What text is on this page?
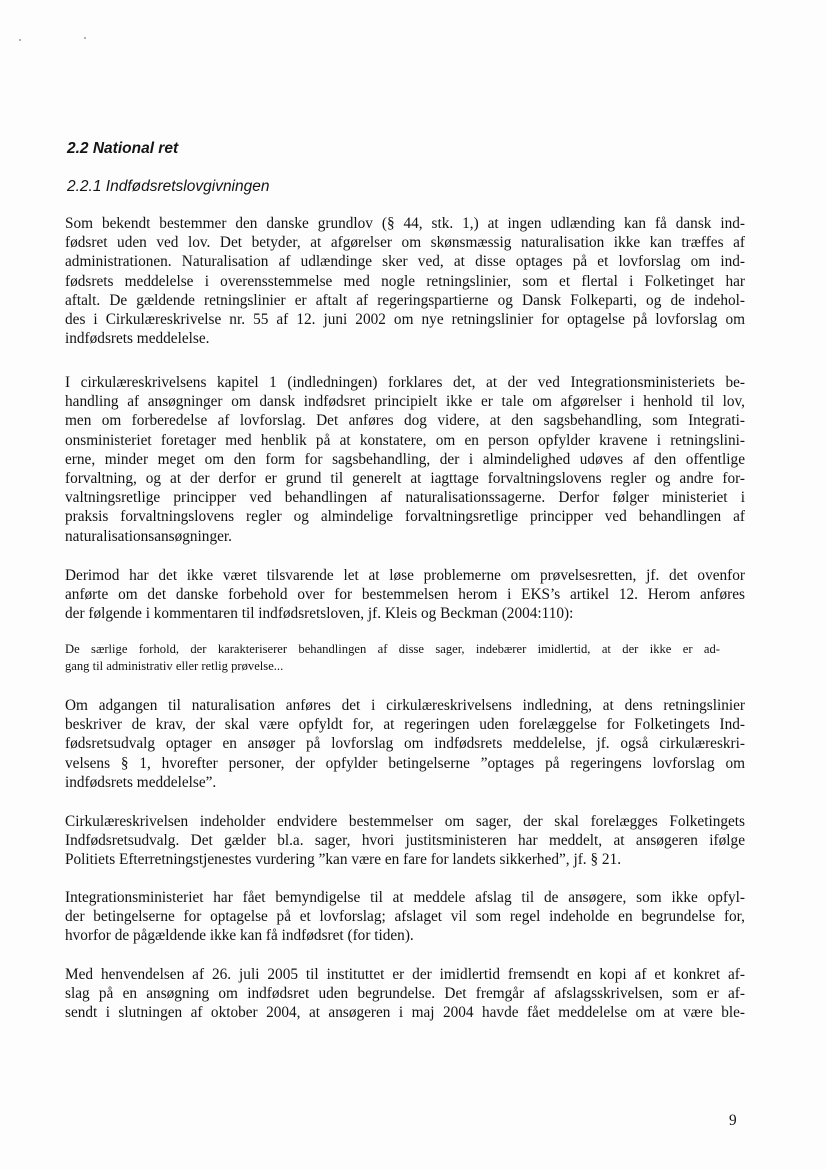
2.2 National ret
2.2.1 Indfødsretslovgivningen

Som bekendt bestemmer den danske grundlov (§ 44, stk. 1,) at ingen udlænding kan få dansk ind-
fødsret uden ved lov. Det betyder, at afgørelser om skønsmæssig naturalisation ikke kan træffes af
administrationen. Naturalisation af udlændinge sker ved, at disse optages på et lovforslag om ind-
fødsrets meddelelse i overensstemmelse med nogle retningslinier, som et flertal i Folketinget har
aftalt. De gældende retningslinier er aftalt af regeringspartierne og Dansk Folkeparti, og de indehol-
des i Cirkulæreskrivelse nr. 55 af 12. juni 2002 om nye retningslinier for optagelse på lovforslag om
indfødsrets meddelelse.

I cirkulæreskrivelsens kapitel 1 (indledningen) forklares det, at der ved Integrationsministeriets be-
handling af ansøgninger om dansk indfødsret principielt ikke er tale om afgørelser i henhold til lov,
men om forberedelse af lovforslag. Det anføres dog videre, at den sagsbehandling, som Integrati-
onsministeriet foretager med henblik på at konstatere, om en person opfylder kravene i retningslini-
erne, minder meget om den form for sagsbehandling, der i almindelighed udøves af den offentlige
forvaltning, og at der derfor er grund til generelt at iagttage forvaltningslovens regler og andre for-
valtningsretlige principper ved behandlingen af naturalisationssagerne. Derfor følger ministeriet i
praksis forvaltningslovens regler og almindelige forvaltningsretlige principper ved behandlingen af
naturalisationsansøgninger.

Derimod har det ikke været tilsvarende let at løse problemerne om prøvelsesretten, jf. det ovenfor
anførte om det danske forbehold over for bestemmelsen herom i EKS’s artikel 12. Herom anføres
der følgende i kommentaren til indfødsretsloven, jf. Kleis og Beckman (2004:110):

De særlige forhold, der karakteriserer behandlingen af disse sager, indebærer imidlertid, at der ikke er ad-
gang til administrativ eller retlig prøvelse...

Om adgangen til naturalisation anføres det i cirkulæreskrivelsens indledning, at dens retningslinier
beskriver de krav, der skal være opfyldt for, at regeringen uden forelæggelse for Folketingets Ind-
fødsretsudvalg optager en ansøger på lovforslag om indfødsrets meddelelse, jf. også cirkulæreskri-
velsens § 1, hvorefter personer, der opfylder betingelserne ”optages på regeringens lovforslag om
indfødsrets meddelelse”.

Cirkulæreskrivelsen indeholder endvidere bestemmelser om sager, der skal forelægges Folketingets
Indfødsretsudvalg. Det gælder bl.a. sager, hvori justitsministeren har meddelt, at ansøgeren ifølge
Politiets Efterretningstjenestes vurdering ”kan være en fare for landets sikkerhed”, jf. § 21.

Integrationsministeriet har fået bemyndigelse til at meddele afslag til de ansøgere, som ikke opfyl-
der betingelserne for optagelse på et lovforslag; afslaget vil som regel indeholde en begrundelse for,
hvorfor de pågældende ikke kan få indfødsret (for tiden).

Med henvendelsen af 26. juli 2005 til instituttet er der imidlertid fremsendt en kopi af et konkret af-
slag på en ansøgning om indfødsret uden begrundelse. Det fremgår af afslagsskrivelsen, som er af-
sendt i slutningen af oktober 2004, at ansøgeren i maj 2004 havde fået meddelelse om at være ble-

9
